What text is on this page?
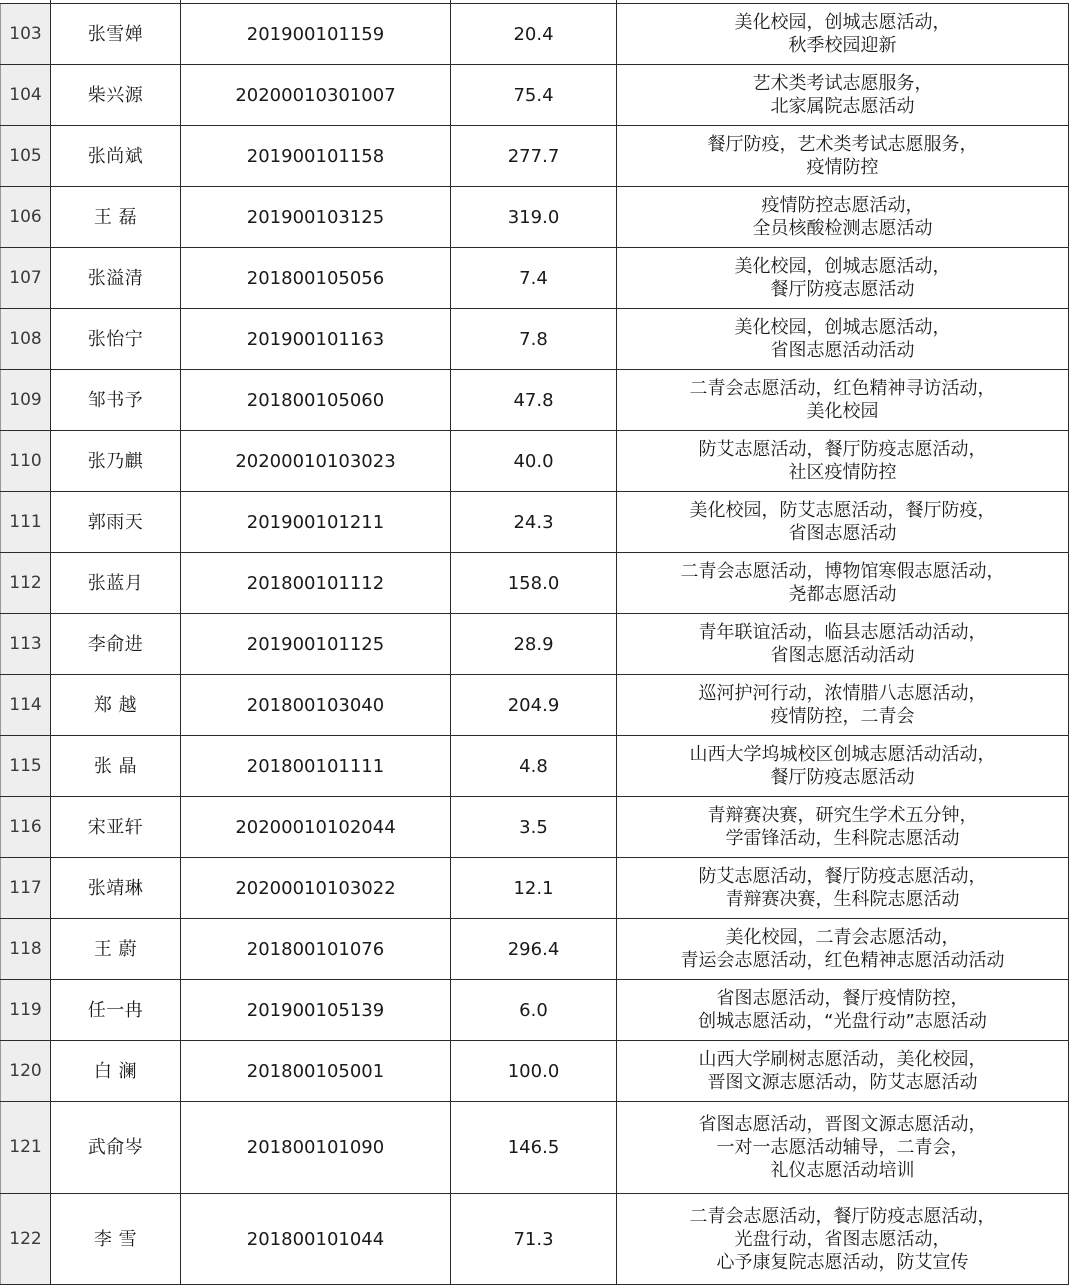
103	张雪婵	201900101159	20.4	美化校园，创城志愿活动，
秋季校园迎新

104	柴兴源	20200010301007	75.4	艺术类考试志愿服务，
北家属院志愿活动

105	张尚斌	201900101158	277.7	餐厅防疫，艺术类考试志愿服务，
疫情防控

106	王 磊	201900103125	319.0	疫情防控志愿活动，
全员核酸检测志愿活动

107	张溢清	201800105056	7.4	美化校园，创城志愿活动，
餐厅防疫志愿活动

108	张怡宁	201900101163	7.8	美化校园，创城志愿活动，
省图志愿活动活动

109	邹书予	201800105060	47.8	二青会志愿活动，红色精神寻访活动，
美化校园

110	张乃麒	20200010103023	40.0	防艾志愿活动，餐厅防疫志愿活动，
社区疫情防控

111	郭雨天	201900101211	24.3	美化校园，防艾志愿活动，餐厅防疫，
省图志愿活动

112	张蓝月	201800101112	158.0	二青会志愿活动，博物馆寒假志愿活动，
尧都志愿活动

113	李俞进	201900101125	28.9	青年联谊活动，临县志愿活动活动，
省图志愿活动活动

114	郑 越	201800103040	204.9	巡河护河行动，浓情腊八志愿活动，
疫情防控，二青会

115	张 晶	201800101111	4.8	山西大学坞城校区创城志愿活动活动，
餐厅防疫志愿活动

116	宋亚轩	20200010102044	3.5	青辩赛决赛，研究生学术五分钟，
学雷锋活动，生科院志愿活动

117	张靖琳	20200010103022	12.1	防艾志愿活动，餐厅防疫志愿活动，
青辩赛决赛，生科院志愿活动

118	王 蔚	201800101076	296.4	美化校园，二青会志愿活动，
青运会志愿活动，红色精神志愿活动活动

119	任一冉	201900105139	6.0	省图志愿活动，餐厅疫情防控，
创城志愿活动，“光盘行动”志愿活动

120	白 澜	201800105001	100.0	山西大学刷树志愿活动，美化校园，
晋图文源志愿活动，防艾志愿活动

121	武俞岑	201800101090	146.5	省图志愿活动，晋图文源志愿活动，
一对一志愿活动辅导，二青会，
礼仪志愿活动培训

122	李 雪	201800101044	71.3	二青会志愿活动，餐厅防疫志愿活动，
光盘行动，省图志愿活动，
心予康复院志愿活动，防艾宣传
